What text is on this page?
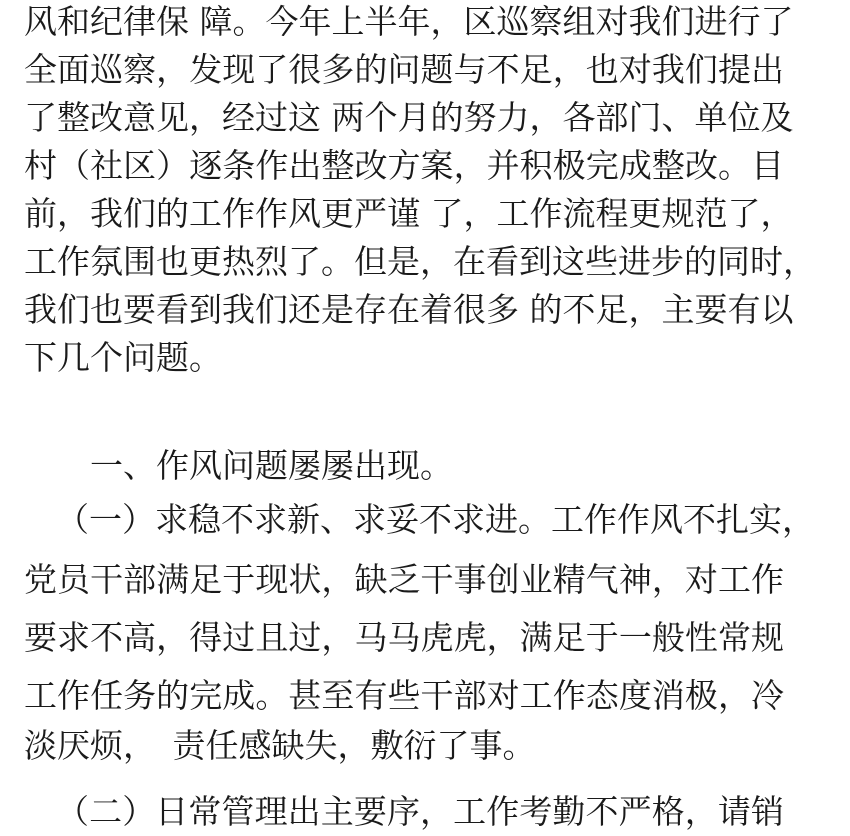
风和纪律保 障。今年上半年，区巡察组对我们进行了
全面巡察，发现了很多的问题与不足，也对我们提出
了整改意见，经过这 两个月的努力，各部门、单位及
村（社区）逐条作出整改方案，并积极完成整改。目
前，我们的工作作风更严谨 了，工作流程更规范了，
工作氛围也更热烈了。但是，在看到这些进步的同时，
我们也要看到我们还是存在着很多 的不足，主要有以
下几个问题。
一、作风问题屡屡出现。
（一）求稳不求新、求妥不求进。工作作风不扎实，
党员干部满足于现状，缺乏干事创业精气神，对工作
要求不高，得过且过，马马虎虎，满足于一般性常规
工作任务的完成。甚至有些干部对工作态度消极，冷
淡厌烦，　责任感缺失，敷衍了事。
（二）日常管理出主要序，工作考勤不严格，请销
